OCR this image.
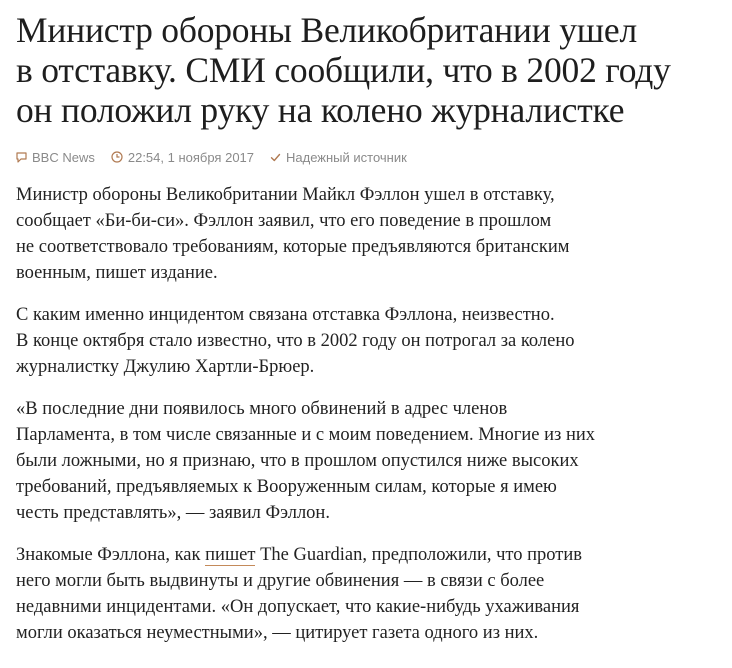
Министр обороны Великобритании ушел
в отставку. СМИ сообщили, что в 2002 году
он положил руку на колено журналистке
BBC News	22:54, 1 ноября 2017 Надежный источник

Министр обороны Великобритании Майкл Фэллон ушел в отставку,
сообщает «Би-би-си». Фэллон заявил, что его поведение в прошлом
не соответствовало требованиям, которые предъявляются британским
военным, пишет издание.

С каким именно инцидентом связана отставка Фэллона, неизвестно.
В конце октября стало известно, что в 2002 году он потрогал за колено
журналистку Джулию Хартли-Брюер.

«В последние дни появилось много обвинений в адрес членов
Парламента, в том числе связанные и с моим поведением. Многие из них
были ложными, но я признаю, что в прошлом опустился ниже высоких
требований, предъявляемых к Вооруженным силам, которые я имею
честь представлять», — заявил Фэллон.

Знакомые Фэллона, как пишет The Guardian, предположили, что против
него могли быть выдвинуты и другие обвинения — в связи с более
недавними инцидентами. «Он допускает, что какие-нибудь ухаживания
могли оказаться неуместными», — цитирует газета одного из них.
